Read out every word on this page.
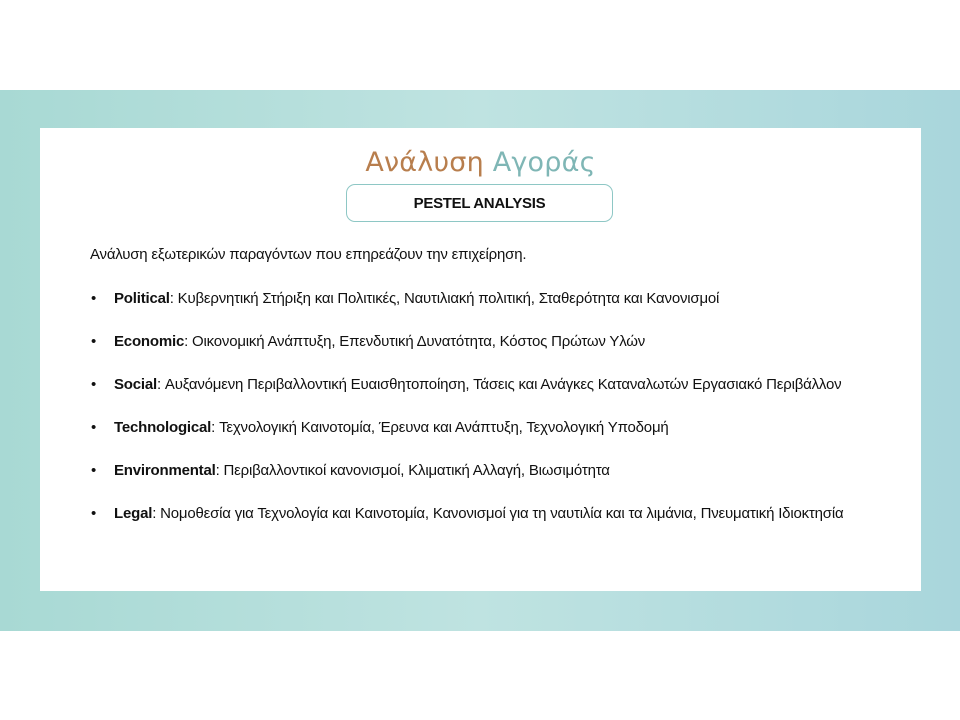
Ανάλυση Αγοράς
PESTEL ANALYSIS
Ανάλυση εξωτερικών παραγόντων που επηρεάζουν την επιχείρηση.
• Political: Κυβερνητική Στήριξη και Πολιτικές, Ναυτιλιακή πολιτική, Σταθερότητα και Κανονισμοί
• Economic: Οικονομική Ανάπτυξη, Επενδυτική Δυνατότητα, Κόστος Πρώτων Υλών
• Social: Αυξανόμενη Περιβαλλοντική Ευαισθητοποίηση, Τάσεις και Ανάγκες Καταναλωτών Εργασιακό Περιβάλλον
• Technological: Τεχνολογική Καινοτομία, Έρευνα και Ανάπτυξη, Τεχνολογική Υποδομή
• Environmental: Περιβαλλοντικοί κανονισμοί, Κλιματική Αλλαγή, Βιωσιμότητα
• Legal: Νομοθεσία για Τεχνολογία και Καινοτομία, Κανονισμοί για τη ναυτιλία και τα λιμάνια, Πνευματική Ιδιοκτησία
